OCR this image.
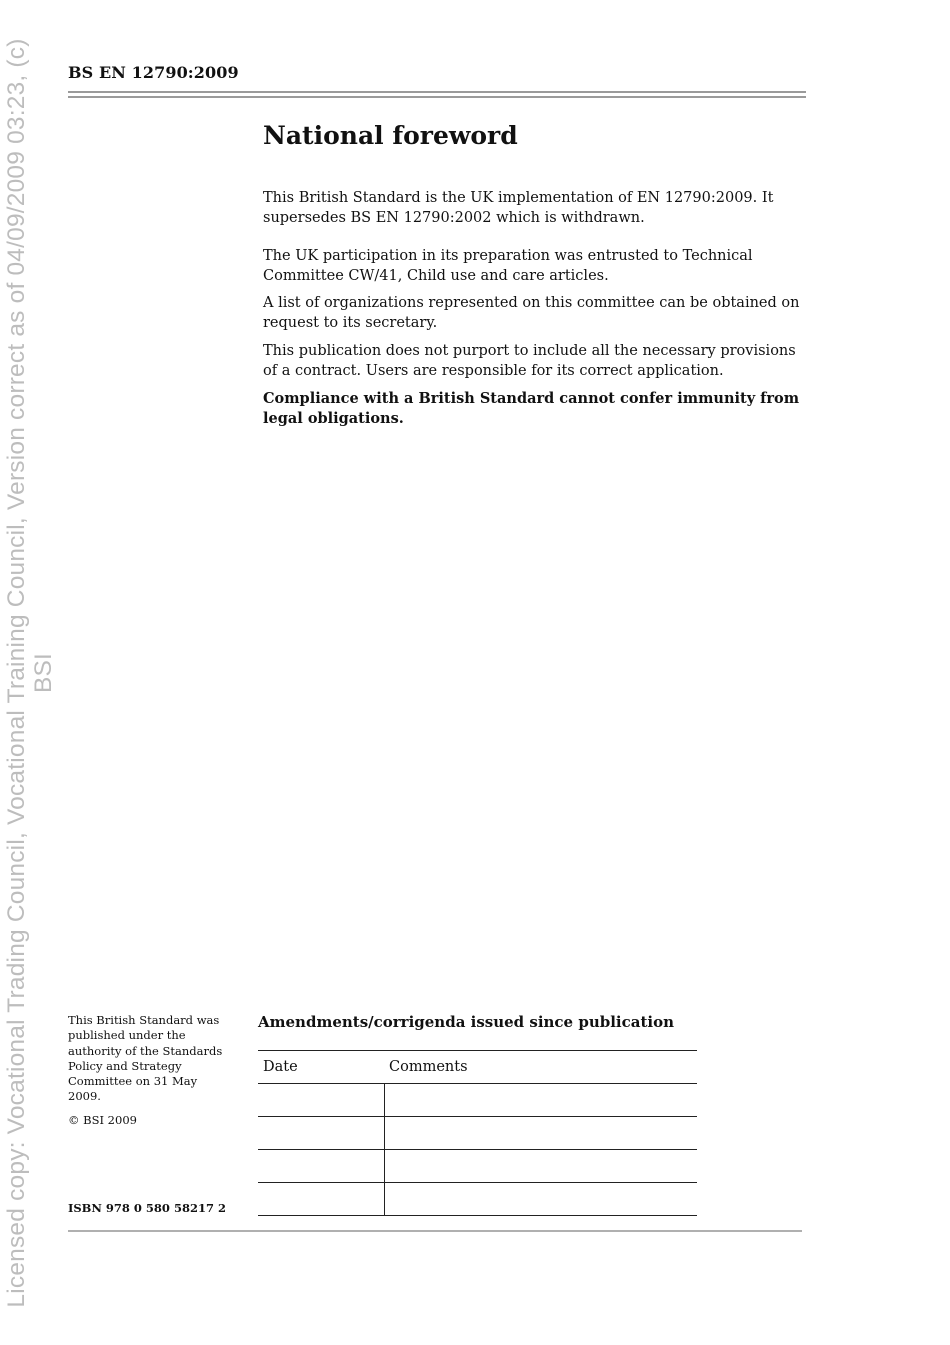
Licensed copy: Vocational Trading Council, Vocational Training Council, Version correct as of 04/09/2009 03:23, (c) BSI
BS EN 12790:2009
National foreword

This British Standard is the UK implementation of EN 12790:2009. It supersedes BS EN 12790:2002 which is withdrawn.

The UK participation in its preparation was entrusted to Technical Committee CW/41, Child use and care articles.

A list of organizations represented on this committee can be obtained on request to its secretary.

This publication does not purport to include all the necessary provisions of a contract. Users are responsible for its correct application.

Compliance with a British Standard cannot confer immunity from legal obligations.

This British Standard was published under the authority of the Standards Policy and Strategy Committee on 31 May 2009.

© BSI 2009

ISBN 978 0 580 58217 2

Amendments/corrigenda issued since publication
Date	Comments
